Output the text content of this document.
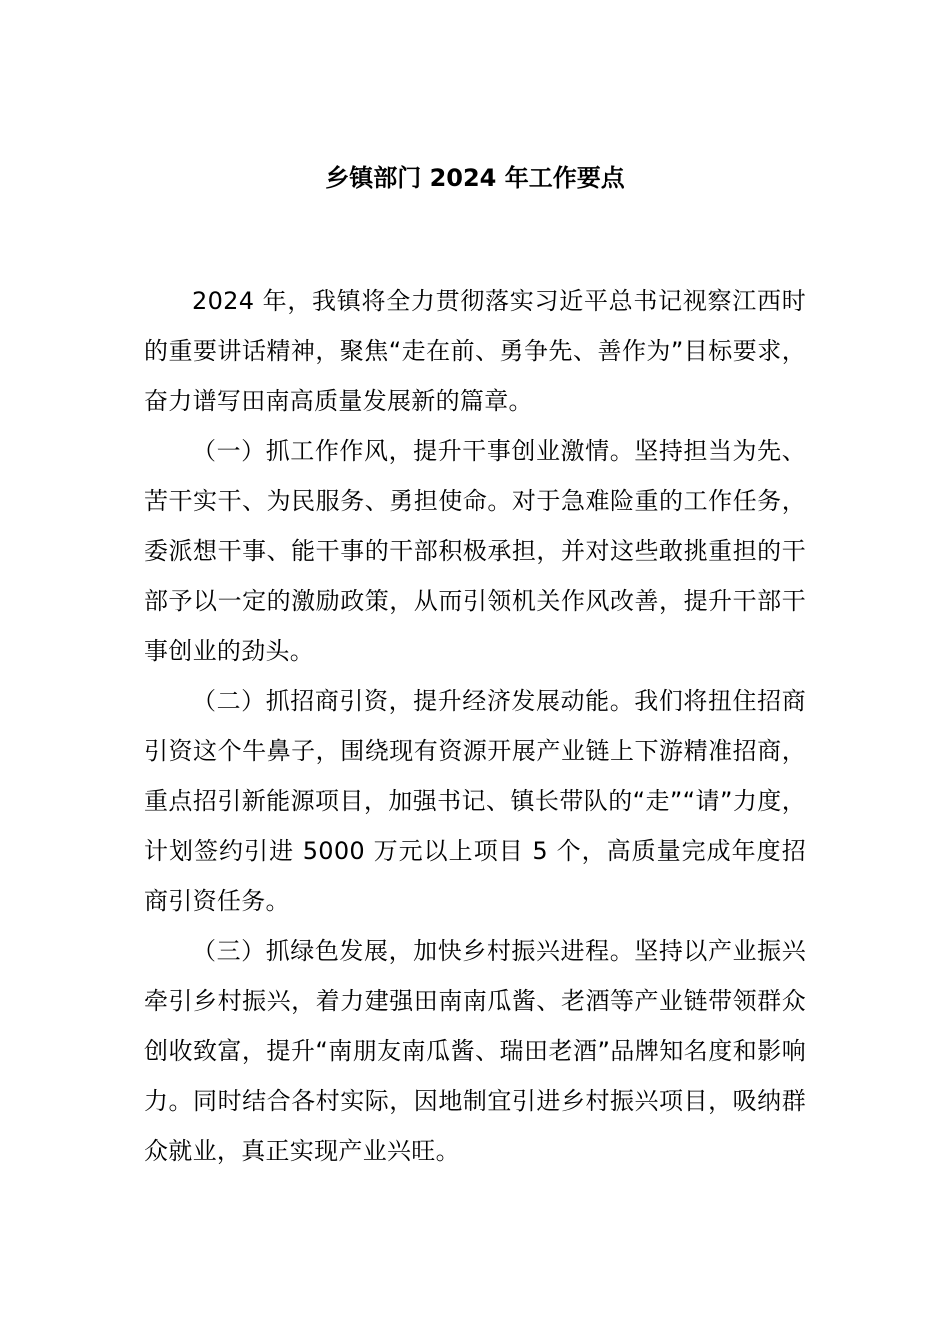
乡镇部门 2024 年工作要点

2024 年，我镇将全力贯彻落实习近平总书记视察江西时的重要讲话精神，聚焦“走在前、勇争先、善作为”目标要求，奋力谱写田南高质量发展新的篇章。

（一）抓工作作风，提升干事创业激情。坚持担当为先、苦干实干、为民服务、勇担使命。对于急难险重的工作任务，委派想干事、能干事的干部积极承担，并对这些敢挑重担的干部予以一定的激励政策，从而引领机关作风改善，提升干部干事创业的劲头。

（二）抓招商引资，提升经济发展动能。我们将扭住招商引资这个牛鼻子，围绕现有资源开展产业链上下游精准招商，重点招引新能源项目，加强书记、镇长带队的“走”“请”力度，计划签约引进 5000 万元以上项目 5 个，高质量完成年度招商引资任务。

（三）抓绿色发展，加快乡村振兴进程。坚持以产业振兴牵引乡村振兴，着力建强田南南瓜酱、老酒等产业链带领群众创收致富，提升“南朋友南瓜酱、瑞田老酒”品牌知名度和影响力。同时结合各村实际，因地制宜引进乡村振兴项目，吸纳群众就业，真正实现产业兴旺。
